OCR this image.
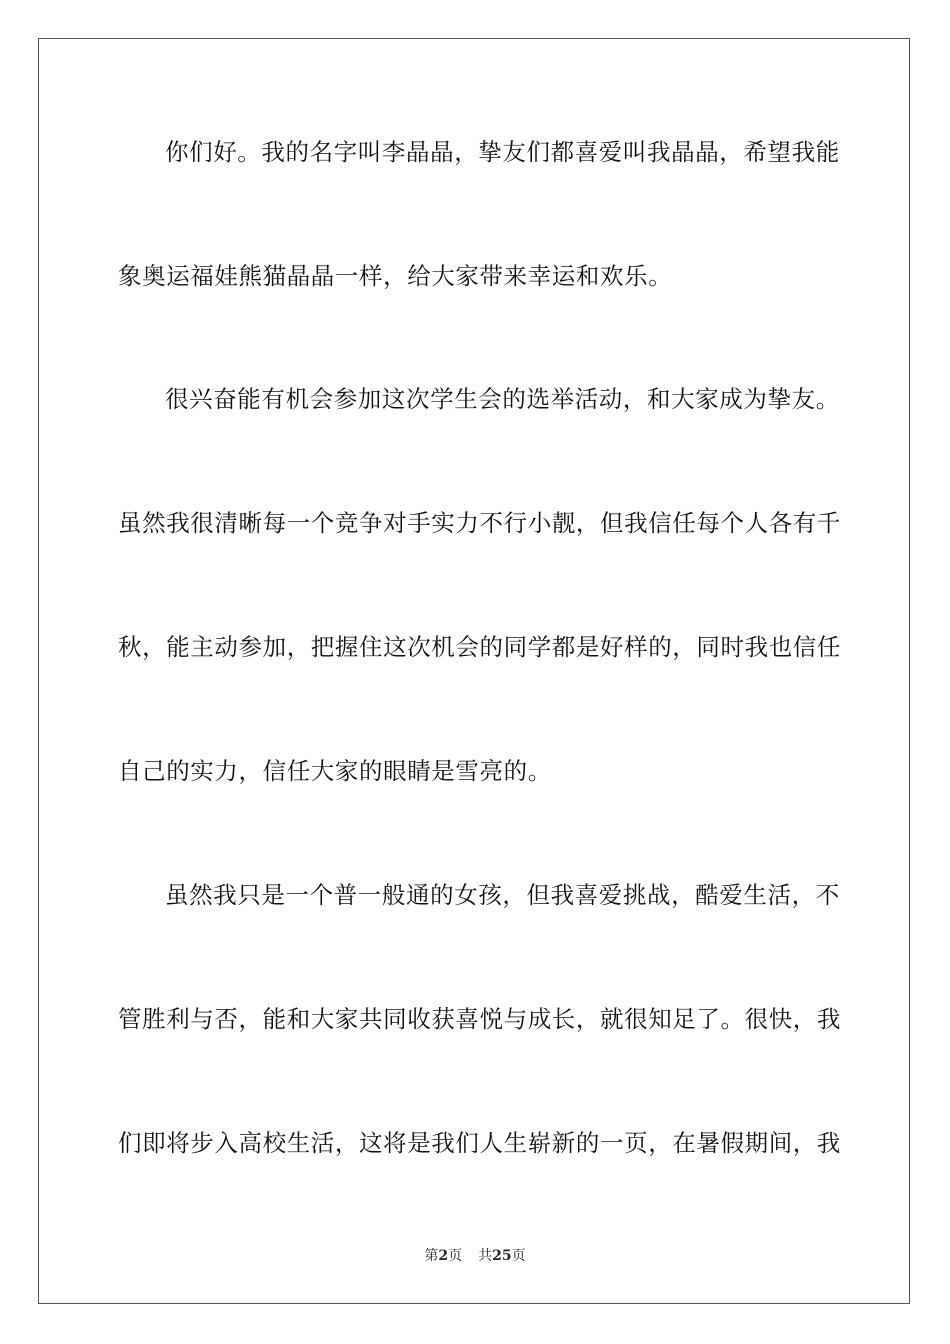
你们好。我的名字叫李晶晶，挚友们都喜爱叫我晶晶，希望我能
象奥运福娃熊猫晶晶一样，给大家带来幸运和欢乐。
很兴奋能有机会参加这次学生会的选举活动，和大家成为挚友。
虽然我很清晰每一个竞争对手实力不行小靓，但我信任每个人各有千
秋，能主动参加，把握住这次机会的同学都是好样的，同时我也信任
自己的实力，信任大家的眼睛是雪亮的。
虽然我只是一个普一般通的女孩，但我喜爱挑战，酷爱生活，不
管胜利与否，能和大家共同收获喜悦与成长，就很知足了。很快，我
们即将步入高校生活，这将是我们人生崭新的一页，在暑假期间，我
第2页 共25页
